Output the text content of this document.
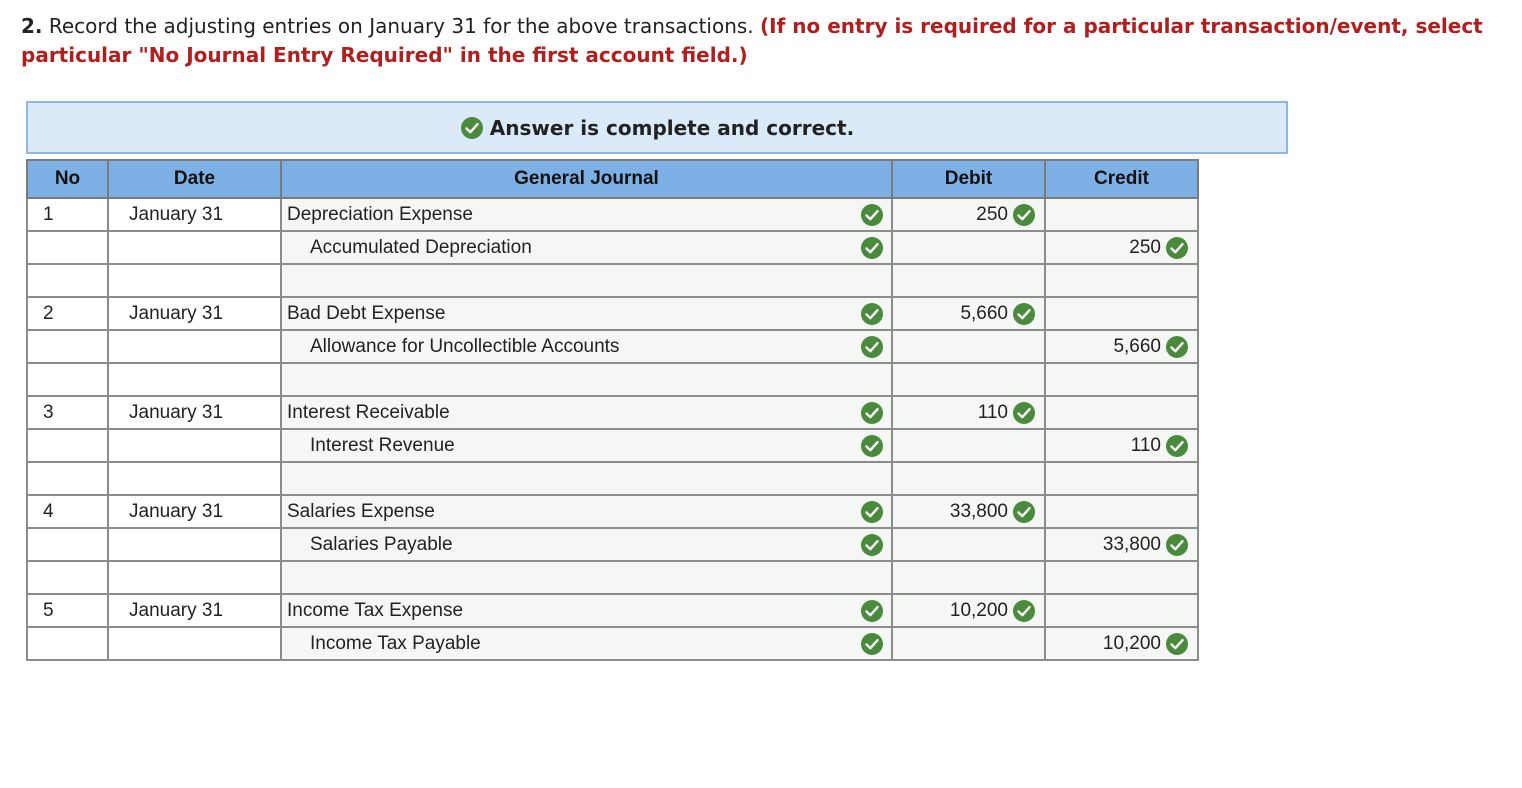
2. Record the adjusting entries on January 31 for the above transactions. (If no entry is required for a particular transaction/event, select particular "No Journal Entry Required" in the first account field.)
Answer is complete and correct.
No	Date	General Journal	Debit	Credit
1	January 31	Depreciation Expense	250

		Accumulated Depreciation		250

2	January 31	Bad Debt Expense	5,660

		Allowance for Uncollectible Accounts		5,660

3	January 31	Interest Receivable	110

		Interest Revenue		110

4	January 31	Salaries Expense	33,800

		Salaries Payable		33,800

5	January 31	Income Tax Expense	10,200

		Income Tax Payable		10,200
